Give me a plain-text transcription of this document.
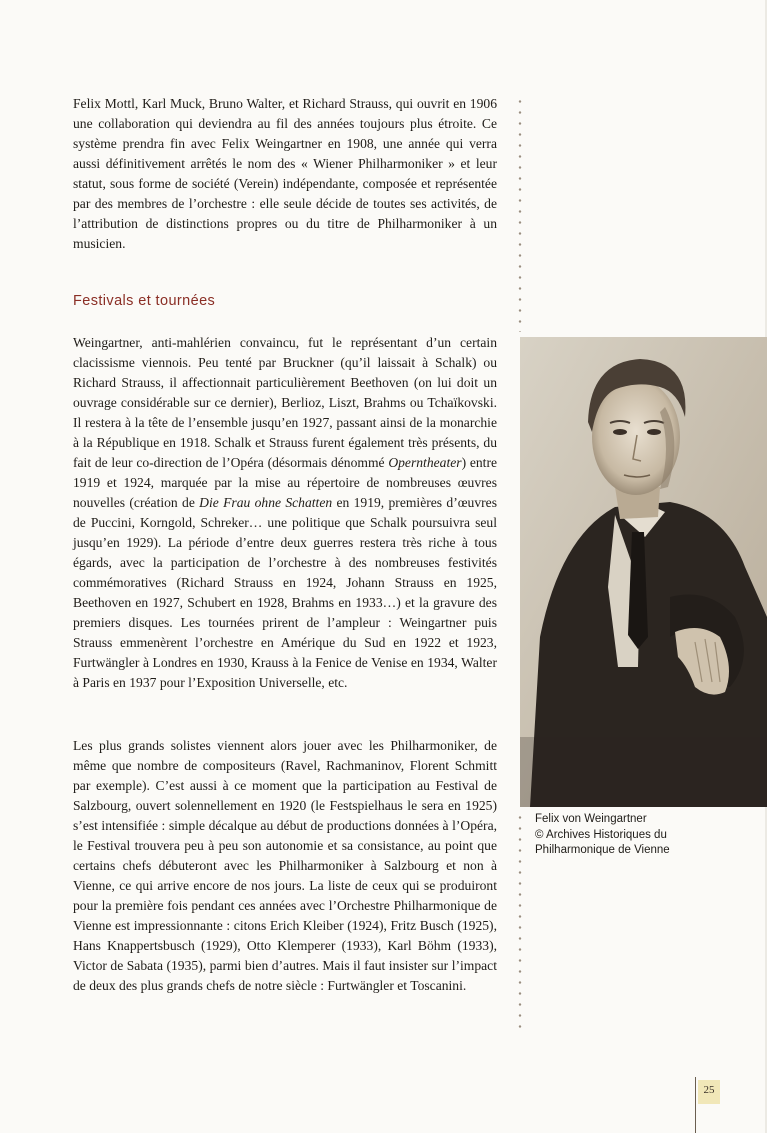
Felix Mottl, Karl Muck, Bruno Walter, et Richard Strauss, qui ouvrit en 1906 une collaboration qui deviendra au fil des années toujours plus étroite. Ce système prendra fin avec Felix Weingartner en 1908, une année qui verra aussi définitivement arrêtés le nom des « Wiener Philharmoniker » et leur statut, sous forme de société (Verein) indépendante, composée et représentée par des membres de l’orchestre : elle seule décide de toutes ses activités, de l’attribution de distinctions propres ou du titre de Philharmoniker à un musicien.

Festivals et tournées

Weingartner, anti-mahlérien convaincu, fut le représentant d’un certain clacissisme viennois. Peu tenté par Bruckner (qu’il laissait à Schalk) ou Richard Strauss, il affectionnait particulièrement Beethoven (on lui doit un ouvrage considérable sur ce dernier), Berlioz, Liszt, Brahms ou Tchaïkovski. Il restera à la tête de l’ensemble jusqu’en 1927, passant ainsi de la monarchie à la République en 1918. Schalk et Strauss furent également très présents, du fait de leur co-direction de l’Opéra (désormais dénommé Operntheater) entre 1919 et 1924, marquée par la mise au répertoire de nombreuses œuvres nouvelles (création de Die Frau ohne Schatten en 1919, premières d’œuvres de Puccini, Korngold, Schreker… une politique que Schalk poursuivra seul jusqu’en 1929). La période d’entre deux guerres restera très riche à tous égards, avec la participation de l’orchestre à des nombreuses festivités commémoratives (Richard Strauss en 1924, Johann Strauss en 1925, Beethoven en 1927, Schubert en 1928, Brahms en 1933…) et la gravure des premiers disques. Les tournées prirent de l’ampleur : Weingartner puis Strauss emmenèrent l’orchestre en Amérique du Sud en 1922 et 1923, Furtwängler à Londres en 1930, Krauss à la Fenice de Venise en 1934, Walter à Paris en 1937 pour l’Exposition Universelle, etc.

Les plus grands solistes viennent alors jouer avec les Philharmoniker, de même que nombre de compositeurs (Ravel, Rachmaninov, Florent Schmitt par exemple). C’est aussi à ce moment que la participation au Festival de Salzbourg, ouvert solennellement en 1920 (le Festspielhaus le sera en 1925) s’est intensifiée : simple décalque au début de productions données à l’Opéra, le Festival trouvera peu à peu son autonomie et sa consistance, au point que certains chefs débuteront avec les Philharmoniker à Salzbourg et non à Vienne, ce qui arrive encore de nos jours. La liste de ceux qui se produiront pour la première fois pendant ces années avec l’Orchestre Philharmonique de Vienne est impressionnante : citons Erich Kleiber (1924), Fritz Busch (1925), Hans Knappertsbusch (1929), Otto Klemperer (1933), Karl Böhm (1933), Victor de Sabata (1935), parmi bien d’autres. Mais il faut insister sur l’impact de deux des plus grands chefs de notre siècle : Furtwängler et Toscanini.

Felix von Weingartner
© Archives Historiques du
Philharmonique de Vienne
25
